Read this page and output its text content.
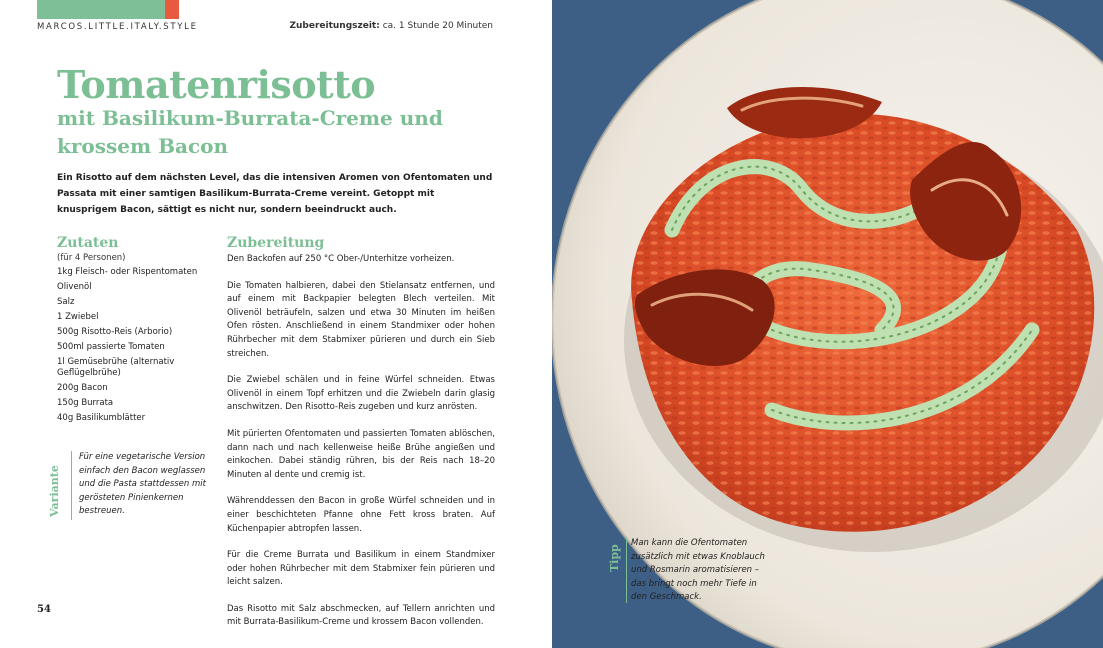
MARCOS.LITTLE.ITALY.STYLE	Zubereitungszeit: ca. 1 Stunde 20 Minuten
Tomatenrisotto
mit Basilikum-Burrata-Creme und krossem Bacon

Ein Risotto auf dem nächsten Level, das die intensiven Aromen von Ofentomaten und Passata mit einer samtigen Basilikum-Burrata-Creme vereint. Getoppt mit knusprigem Bacon, sättigt es nicht nur, sondern beeindruckt auch.

Zutaten
(für 4 Personen)
1kg Fleisch- oder Rispentomaten
Olivenöl
Salz
1 Zwiebel
500g Risotto-Reis (Arborio)
500ml passierte Tomaten
1l Gemüsebrühe (alternativ Geflügelbrühe)
200g Bacon
150g Burrata
40g Basilikumblätter
Variante

Für eine vegetarische Version einfach den Bacon weglassen und die Pasta stattdessen mit gerösteten Pinienkernen bestreuen.

Zubereitung

Den Backofen auf 250 °C Ober-/Unterhitze vorheizen.

Die Tomaten halbieren, dabei den Stielansatz entfernen, und auf einem mit Backpapier belegten Blech verteilen. Mit Olivenöl beträufeln, salzen und etwa 30 Minuten im heißen Ofen rösten. Anschließend in einem Standmixer oder hohen Rührbecher mit dem Stabmixer pürieren und durch ein Sieb streichen.

Die Zwiebel schälen und in feine Würfel schneiden. Etwas Olivenöl in einem Topf erhitzen und die Zwiebeln darin glasig anschwitzen. Den Risotto-Reis zugeben und kurz anrösten.

Mit pürierten Ofentomaten und passierten Tomaten ablöschen, dann nach und nach kellenweise heiße Brühe angießen und einkochen. Dabei ständig rühren, bis der Reis nach 18–20 Minuten al dente und cremig ist.

Währenddessen den Bacon in große Würfel schneiden und in einer beschichteten Pfanne ohne Fett kross braten. Auf Küchenpapier abtropfen lassen.

Für die Creme Burrata und Basilikum in einem Standmixer oder hohen Rührbecher mit dem Stabmixer fein pürieren und leicht salzen.

Das Risotto mit Salz abschmecken, auf Tellern anrichten und mit Burrata-Basilikum-Creme und krossem Bacon vollenden.

54
Tipp

Man kann die Ofentomaten zusätzlich mit etwas Knoblauch und Rosmarin aromatisieren – das bringt noch mehr Tiefe in den Geschmack.
